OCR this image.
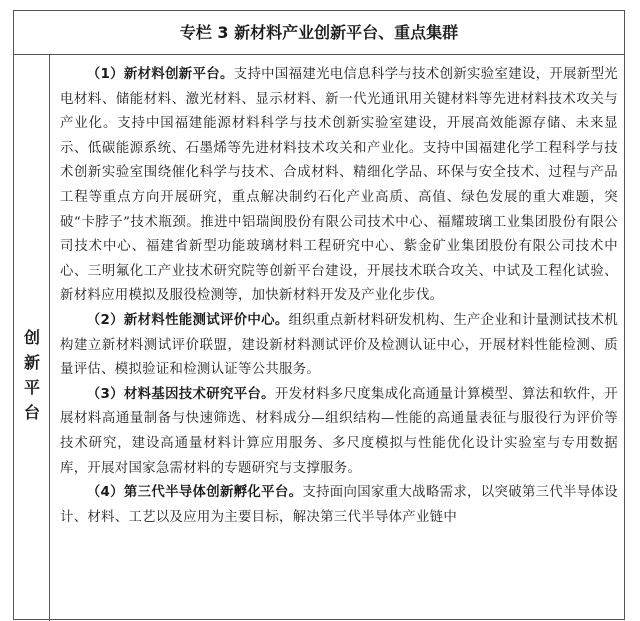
专栏 3 新材料产业创新平台、重点集群
创
新
平
台

（1）新材料创新平台。支持中国福建光电信息科学与技术创新实验室建设，开展新型光电材料、储能材料、激光材料、显示材料、新一代光通讯用关键材料等先进材料技术攻关与产业化。支持中国福建能源材料科学与技术创新实验室建设，开展高效能源存储、未来显示、低碳能源系统、石墨烯等先进材料技术攻关和产业化。支持中国福建化学工程科学与技术创新实验室围绕催化科学与技术、合成材料、精细化学品、环保与安全技术、过程与产品工程等重点方向开展研究，重点解决制约石化产业高质、高值、绿色发展的重大难题，突破“卡脖子”技术瓶颈。推进中铝瑞闽股份有限公司技术中心、福耀玻璃工业集团股份有限公司技术中心、福建省新型功能玻璃材料工程研究中心、紫金矿业集团股份有限公司技术中心、三明氟化工产业技术研究院等创新平台建设，开展技术联合攻关、中试及工程化试验、新材料应用模拟及服役检测等，加快新材料开发及产业化步伐。

（2）新材料性能测试评价中心。组织重点新材料研发机构、生产企业和计量测试技术机构建立新材料测试评价联盟，建设新材料测试评价及检测认证中心，开展材料性能检测、质量评估、模拟验证和检测认证等公共服务。

（3）材料基因技术研究平台。开发材料多尺度集成化高通量计算模型、算法和软件，开展材料高通量制备与快速筛选、材料成分—组织结构—性能的高通量表征与服役行为评价等技术研究，建设高通量材料计算应用服务、多尺度模拟与性能优化设计实验室与专用数据库，开展对国家急需材料的专题研究与支撑服务。

（4）第三代半导体创新孵化平台。支持面向国家重大战略需求，以突破第三代半导体设计、材料、工艺以及应用为主要目标，解决第三代半导体产业链中
